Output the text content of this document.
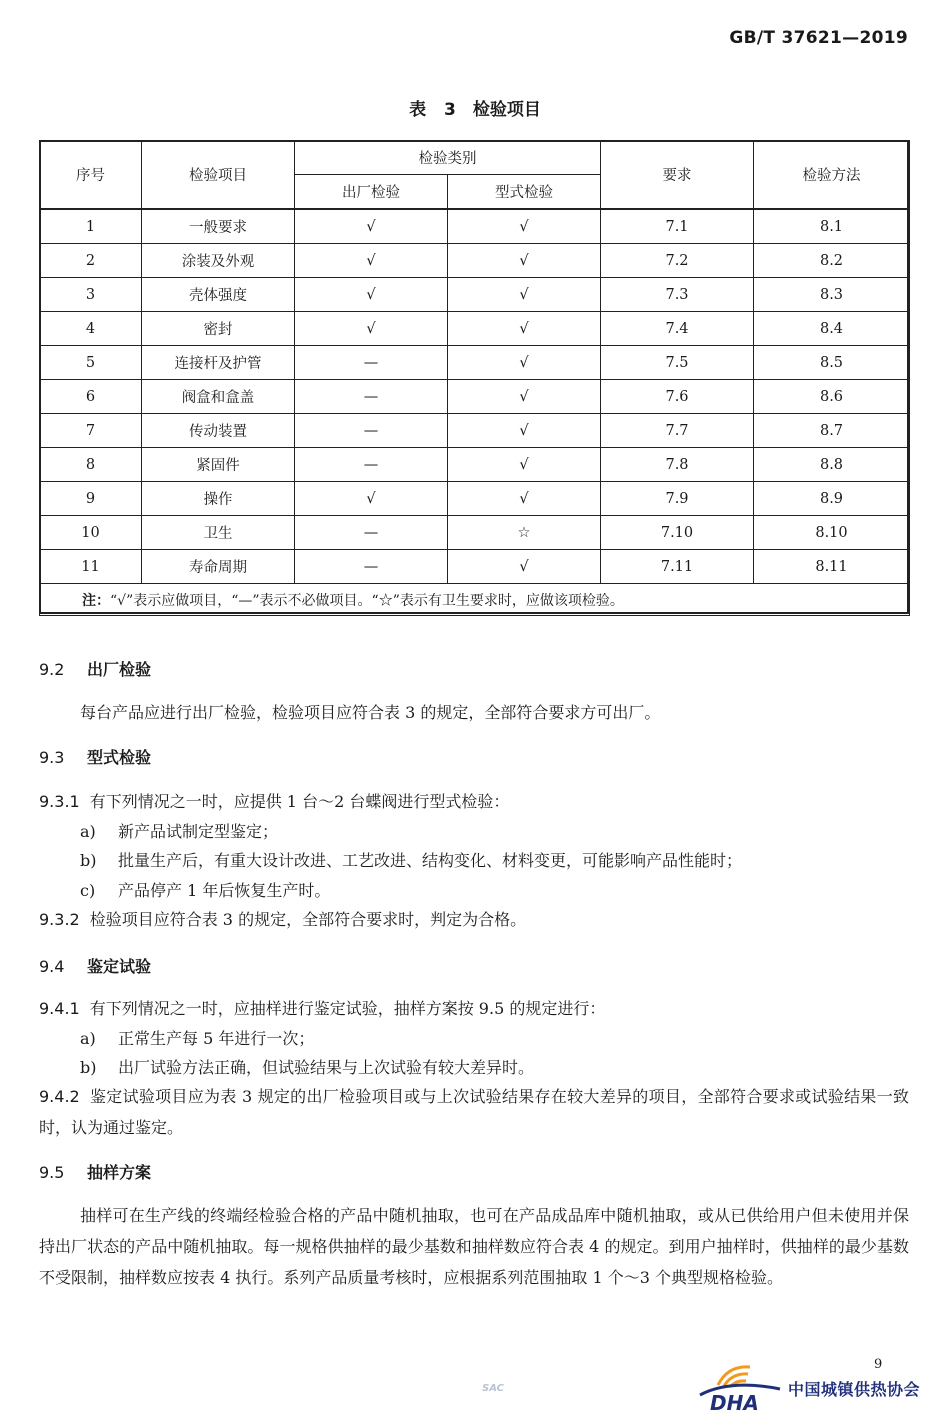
GB/T 37621—2019
表 3　检验项目
序号	检验项目	检验类别		要求	检验方法
		出厂检验	型式检验		
1	一般要求	√	√	7.1	8.1
2	涂装及外观	√	√	7.2	8.2
3	壳体强度	√	√	7.3	8.3
4	密封	√	√	7.4	8.4
5	连接杆及护管	—	√	7.5	8.5
6	阀盒和盒盖	—	√	7.6	8.6
7	传动装置	—	√	7.7	8.7
8	紧固件	—	√	7.8	8.8
9	操作	√	√	7.9	8.9
10	卫生	—	☆	7.10	8.10
11	寿命周期	—	√	7.11	8.11
注：“√”表示应做项目，“—”表示不必做项目。“☆”表示有卫生要求时，应做该项检验。					
9.2 出厂检验
每台产品应进行出厂检验，检验项目应符合表 3 的规定，全部符合要求方可出厂。
9.3 型式检验
9.3.1 有下列情况之一时，应提供 1 台～2 台蝶阀进行型式检验：
a) 新产品试制定型鉴定；
b) 批量生产后，有重大设计改进、工艺改进、结构变化、材料变更，可能影响产品性能时；
c) 产品停产 1 年后恢复生产时。
9.3.2 检验项目应符合表 3 的规定，全部符合要求时，判定为合格。
9.4 鉴定试验
9.4.1 有下列情况之一时，应抽样进行鉴定试验，抽样方案按 9.5 的规定进行：
a) 正常生产每 5 年进行一次；
b) 出厂试验方法正确，但试验结果与上次试验有较大差异时。
9.4.2 鉴定试验项目应为表 3 规定的出厂检验项目或与上次试验结果存在较大差异的项目，全部符合要求或试验结果一致时，认为通过鉴定。
9.5 抽样方案
抽样可在生产线的终端经检验合格的产品中随机抽取，也可在产品成品库中随机抽取，或从已供给用户但未使用并保持出厂状态的产品中随机抽取。每一规格供抽样的最少基数和抽样数应符合表 4 的规定。到用户抽样时，供抽样的最少基数不受限制，抽样数应按表 4 执行。系列产品质量考核时，应根据系列范围抽取 1 个～3 个典型规格检验。
9
SAC
DHA
中国城镇供热协会
